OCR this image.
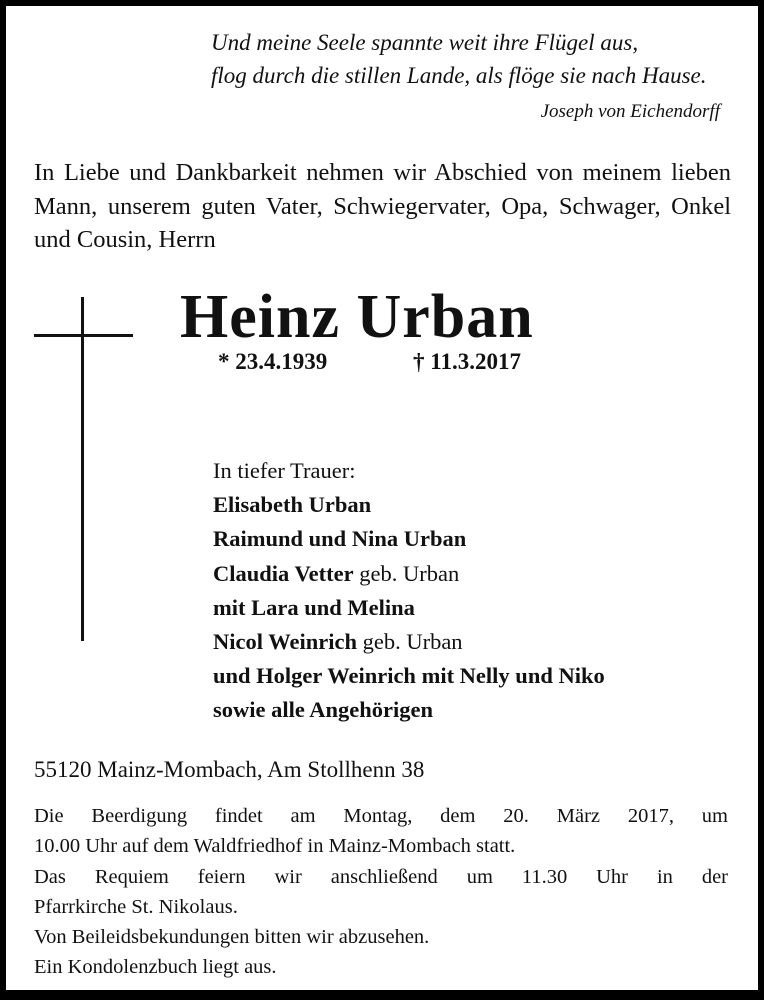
Und meine Seele spannte weit ihre Flügel aus,
flog durch die stillen Lande, als flöge sie nach Hause.
Joseph von Eichendorff
In Liebe und Dankbarkeit nehmen wir Abschied von meinem lieben Mann, unserem guten Vater, Schwiegervater, Opa, Schwager, Onkel und Cousin, Herrn
Heinz Urban
* 23.4.1939	† 11.3.2017
In tiefer Trauer:
Elisabeth Urban
Raimund und Nina Urban
Claudia Vetter geb. Urban
mit Lara und Melina
Nicol Weinrich geb. Urban
und Holger Weinrich mit Nelly und Niko
sowie alle Angehörigen
55120 Mainz-Mombach, Am Stollhenn 38
Die Beerdigung findet am Montag, dem 20. März 2017, um
10.00 Uhr auf dem Waldfriedhof in Mainz-Mombach statt.
Das Requiem feiern wir anschließend um 11.30 Uhr in der
Pfarrkirche St. Nikolaus.
Von Beileidsbekundungen bitten wir abzusehen.
Ein Kondolenzbuch liegt aus.
